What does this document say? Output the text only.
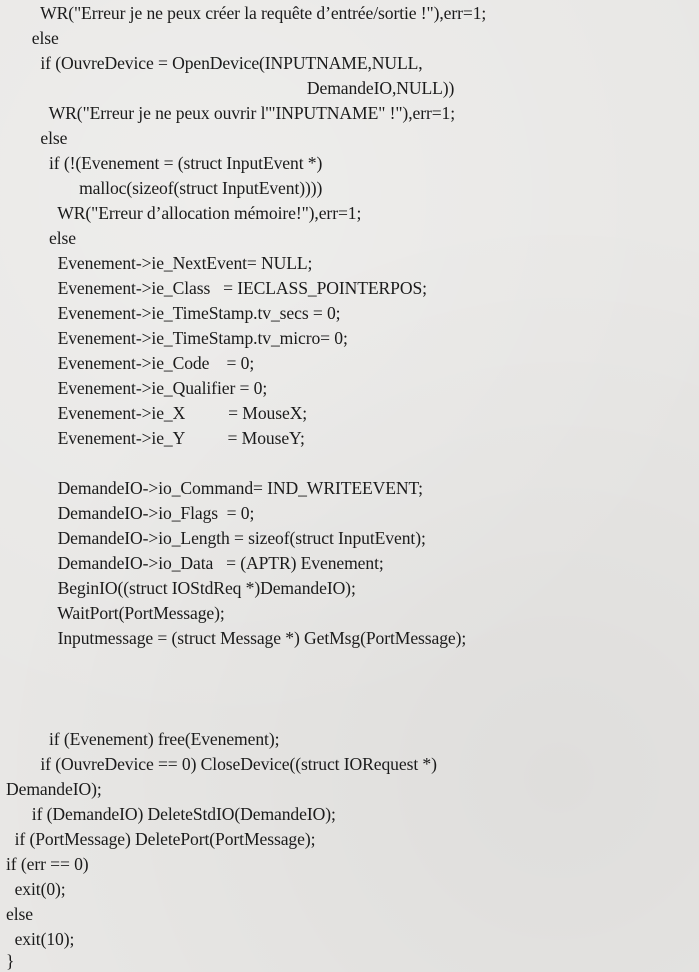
WR("Erreur je ne peux créer la requête d’entrée/sortie !"),err=1;
else
if (OuvreDevice = OpenDevice(INPUTNAME,NULL,
DemandeIO,NULL))
WR("Erreur je ne peux ouvrir l'"INPUTNAME" !"),err=1;
else
if (!(Evenement = (struct InputEvent *)
malloc(sizeof(struct InputEvent))))
WR("Erreur d’allocation mémoire!"),err=1;
else
Evenement->ie_NextEvent= NULL;
Evenement->ie_Class   = IECLASS_POINTERPOS;
Evenement->ie_TimeStamp.tv_secs = 0;
Evenement->ie_TimeStamp.tv_micro= 0;
Evenement->ie_Code    = 0;
Evenement->ie_Qualifier = 0;
Evenement->ie_X          = MouseX;
Evenement->ie_Y          = MouseY;
DemandeIO->io_Command= IND_WRITEEVENT;
DemandeIO->io_Flags  = 0;
DemandeIO->io_Length = sizeof(struct InputEvent);
DemandeIO->io_Data   = (APTR) Evenement;
BeginIO((struct IOStdReq *)DemandeIO);
WaitPort(PortMessage);
Inputmessage = (struct Message *) GetMsg(PortMessage);
if (Evenement) free(Evenement);
if (OuvreDevice == 0) CloseDevice((struct IORequest *)
DemandeIO);
if (DemandeIO) DeleteStdIO(DemandeIO);
if (PortMessage) DeletePort(PortMessage);
if (err == 0)
exit(0);
else
exit(10);
}
